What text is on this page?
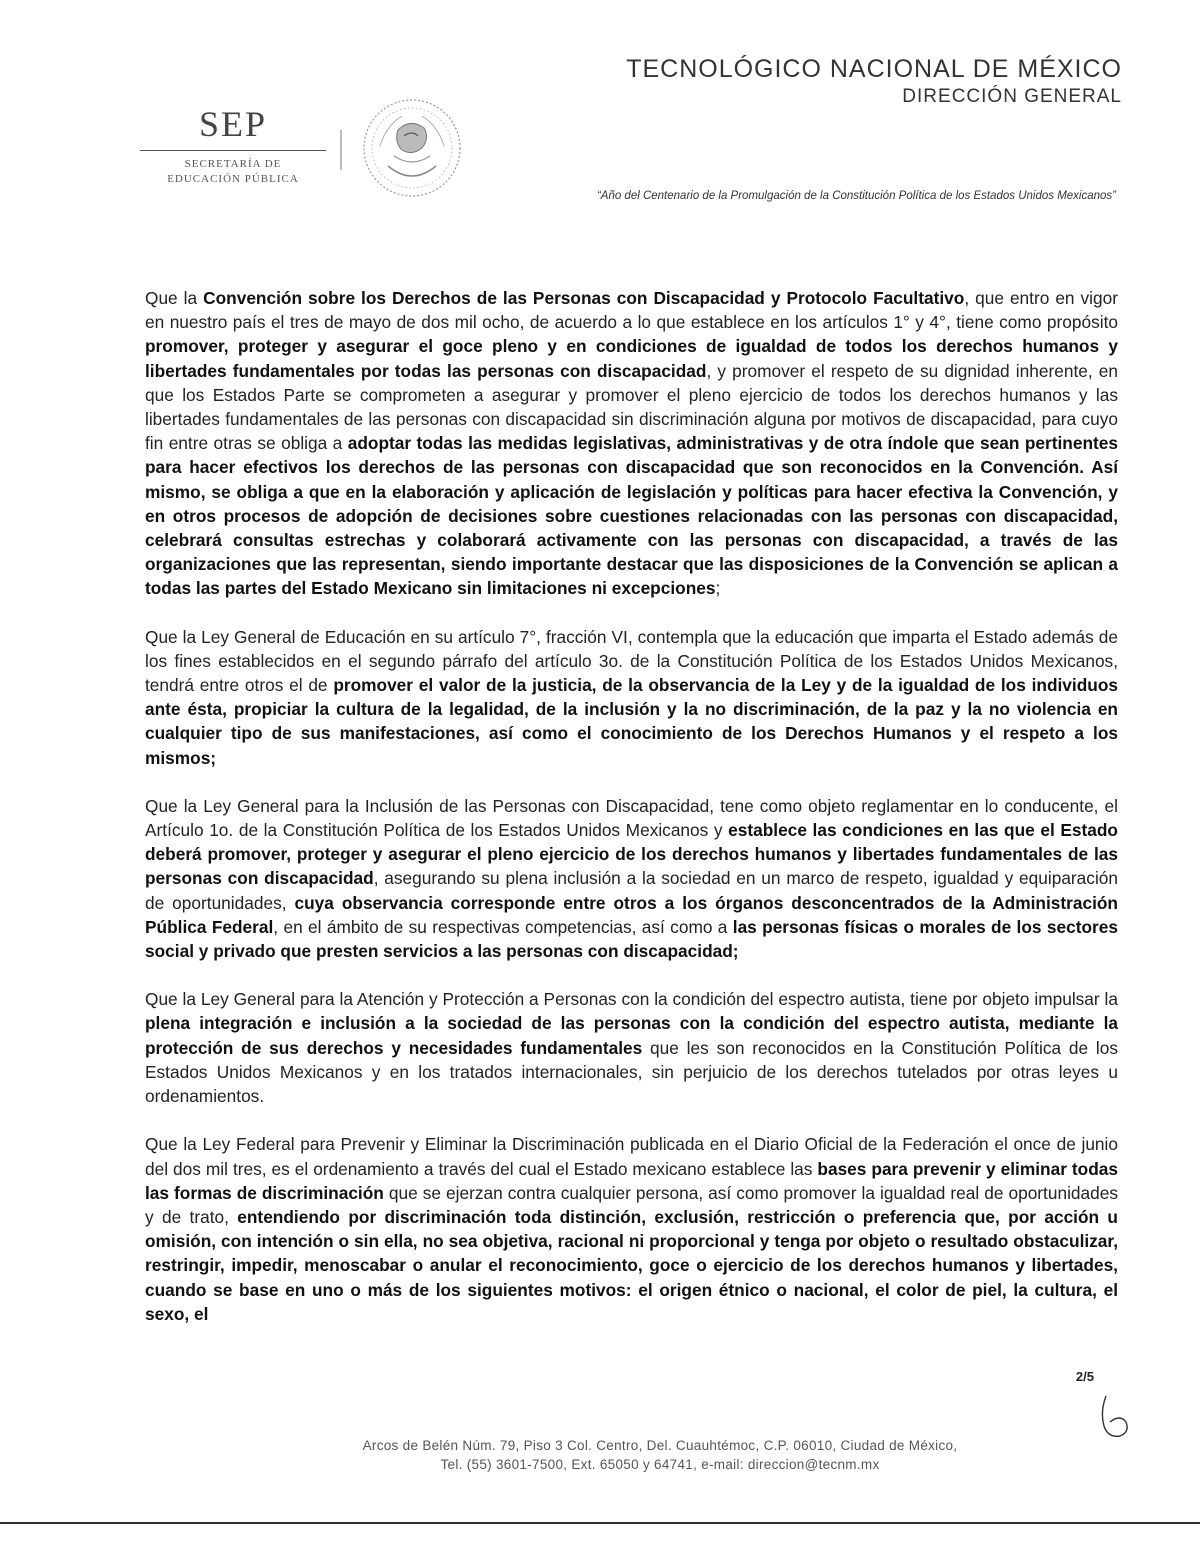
TECNOLÓGICO NACIONAL DE MÉXICO
DIRECCIÓN GENERAL
SEP
SECRETARÍA DE
EDUCACIÓN PÚBLICA
“Año del Centenario de la Promulgación de la Constitución Política de los Estados Unidos Mexicanos”

Que la Convención sobre los Derechos de las Personas con Discapacidad y Protocolo Facultativo, que entro en vigor en nuestro país el tres de mayo de dos mil ocho, de acuerdo a lo que establece en los artículos 1° y 4°, tiene como propósito promover, proteger y asegurar el goce pleno y en condiciones de igualdad de todos los derechos humanos y libertades fundamentales por todas las personas con discapacidad, y promover el respeto de su dignidad inherente, en que los Estados Parte se comprometen a asegurar y promover el pleno ejercicio de todos los derechos humanos y las libertades fundamentales de las personas con discapacidad sin discriminación alguna por motivos de discapacidad, para cuyo fin entre otras se obliga a adoptar todas las medidas legislativas, administrativas y de otra índole que sean pertinentes para hacer efectivos los derechos de las personas con discapacidad que son reconocidos en la Convención. Así mismo, se obliga a que en la elaboración y aplicación de legislación y políticas para hacer efectiva la Convención, y en otros procesos de adopción de decisiones sobre cuestiones relacionadas con las personas con discapacidad, celebrará consultas estrechas y colaborará activamente con las personas con discapacidad, a través de las organizaciones que las representan, siendo importante destacar que las disposiciones de la Convención se aplican a todas las partes del Estado Mexicano sin limitaciones ni excepciones;

Que la Ley General de Educación en su artículo 7°, fracción VI, contempla que la educación que imparta el Estado además de los fines establecidos en el segundo párrafo del artículo 3o. de la Constitución Política de los Estados Unidos Mexicanos, tendrá entre otros el de promover el valor de la justicia, de la observancia de la Ley y de la igualdad de los individuos ante ésta, propiciar la cultura de la legalidad, de la inclusión y la no discriminación, de la paz y la no violencia en cualquier tipo de sus manifestaciones, así como el conocimiento de los Derechos Humanos y el respeto a los mismos;

Que la Ley General para la Inclusión de las Personas con Discapacidad, tene como objeto reglamentar en lo conducente, el Artículo 1o. de la Constitución Política de los Estados Unidos Mexicanos y establece las condiciones en las que el Estado deberá promover, proteger y asegurar el pleno ejercicio de los derechos humanos y libertades fundamentales de las personas con discapacidad, asegurando su plena inclusión a la sociedad en un marco de respeto, igualdad y equiparación de oportunidades, cuya observancia corresponde entre otros a los órganos desconcentrados de la Administración Pública Federal, en el ámbito de su respectivas competencias, así como a las personas físicas o morales de los sectores social y privado que presten servicios a las personas con discapacidad;

Que la Ley General para la Atención y Protección a Personas con la condición del espectro autista, tiene por objeto impulsar la plena integración e inclusión a la sociedad de las personas con la condición del espectro autista, mediante la protección de sus derechos y necesidades fundamentales que les son reconocidos en la Constitución Política de los Estados Unidos Mexicanos y en los tratados internacionales, sin perjuicio de los derechos tutelados por otras leyes u ordenamientos.

Que la Ley Federal para Prevenir y Eliminar la Discriminación publicada en el Diario Oficial de la Federación el once de junio del dos mil tres, es el ordenamiento a través del cual el Estado mexicano establece las bases para prevenir y eliminar todas las formas de discriminación que se ejerzan contra cualquier persona, así como promover la igualdad real de oportunidades y de trato, entendiendo por discriminación toda distinción, exclusión, restricción o preferencia que, por acción u omisión, con intención o sin ella, no sea objetiva, racional ni proporcional y tenga por objeto o resultado obstaculizar, restringir, impedir, menoscabar o anular el reconocimiento, goce o ejercicio de los derechos humanos y libertades, cuando se base en uno o más de los siguientes motivos: el origen étnico o nacional, el color de piel, la cultura, el sexo, el

2/5
Arcos de Belén Núm. 79, Piso 3 Col. Centro, Del. Cuauhtémoc, C.P. 06010, Ciudad de México,
Tel. (55) 3601-7500, Ext. 65050 y 64741, e-mail: direccion@tecnm.mx
